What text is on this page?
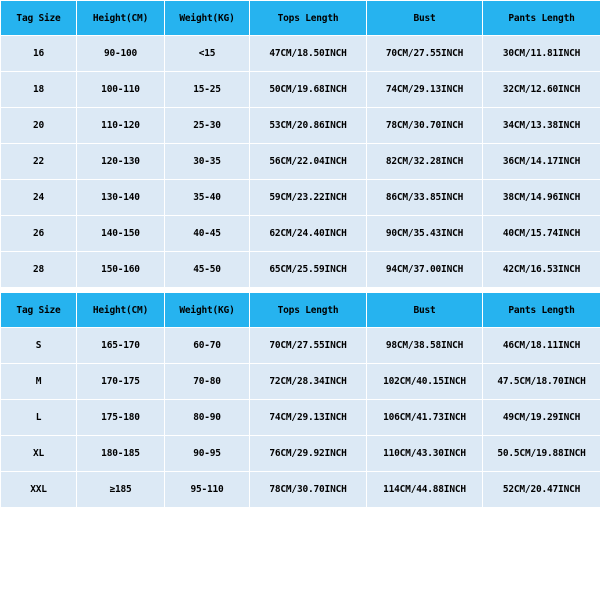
Tag Size	Height(CM)	Weight(KG)	Tops Length	Bust	Pants Length
16	90-100	<15	47CM/18.50INCH	70CM/27.55INCH	30CM/11.81INCH
18	100-110	15-25	50CM/19.68INCH	74CM/29.13INCH	32CM/12.60INCH
20	110-120	25-30	53CM/20.86INCH	78CM/30.70INCH	34CM/13.38INCH
22	120-130	30-35	56CM/22.04INCH	82CM/32.28INCH	36CM/14.17INCH
24	130-140	35-40	59CM/23.22INCH	86CM/33.85INCH	38CM/14.96INCH
26	140-150	40-45	62CM/24.40INCH	90CM/35.43INCH	40CM/15.74INCH
28	150-160	45-50	65CM/25.59INCH	94CM/37.00INCH	42CM/16.53INCH
Tag Size	Height(CM)	Weight(KG)	Tops Length	Bust	Pants Length
S	165-170	60-70	70CM/27.55INCH	98CM/38.58INCH	46CM/18.11INCH
M	170-175	70-80	72CM/28.34INCH	102CM/40.15INCH	47.5CM/18.70INCH
L	175-180	80-90	74CM/29.13INCH	106CM/41.73INCH	49CM/19.29INCH
XL	180-185	90-95	76CM/29.92INCH	110CM/43.30INCH	50.5CM/19.88INCH
XXL	≥185	95-110	78CM/30.70INCH	114CM/44.88INCH	52CM/20.47INCH
